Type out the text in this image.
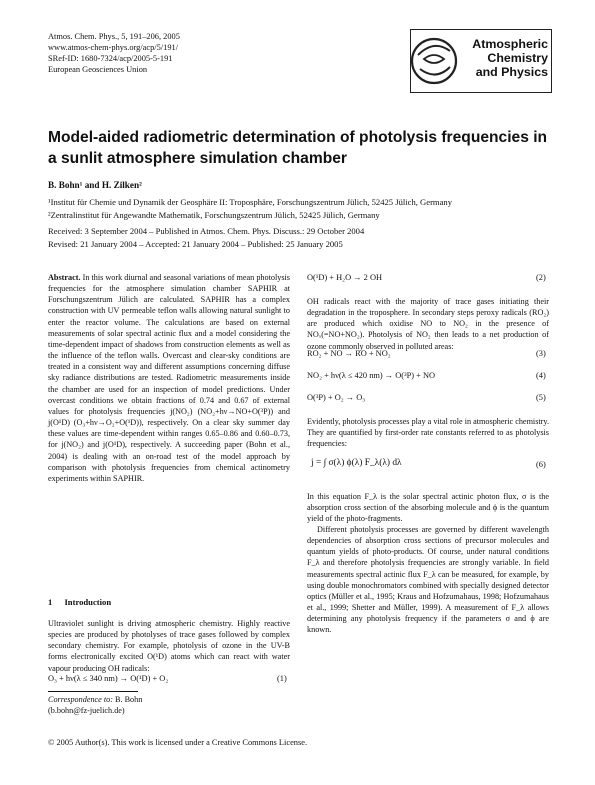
Atmos. Chem. Phys., 5, 191–206, 2005
www.atmos-chem-phys.org/acp/5/191/
SRef-ID: 1680-7324/acp/2005-5-191
European Geosciences Union
Atmospheric
Chemistry
and Physics
Model-aided radiometric determination of photolysis frequencies in a sunlit atmosphere simulation chamber
B. Bohn¹ and H. Zilken²
¹Institut für Chemie und Dynamik der Geosphäre II: Troposphäre, Forschungszentrum Jülich, 52425 Jülich, Germany
²Zentralinstitut für Angewandte Mathematik, Forschungszentrum Jülich, 52425 Jülich, Germany
Received: 3 September 2004 – Published in Atmos. Chem. Phys. Discuss.: 29 October 2004
Revised: 21 January 2004 – Accepted: 21 January 2004 – Published: 25 January 2005
Abstract. In this work diurnal and seasonal variations of mean photolysis frequencies for the atmosphere simulation chamber SAPHIR at Forschungszentrum Jülich are calculated. SAPHIR has a complex construction with UV permeable teflon walls allowing natural sunlight to enter the reactor volume. The calculations are based on external measurements of solar spectral actinic flux and a model considering the time-dependent impact of shadows from construction elements as well as the influence of the teflon walls. Overcast and clear-sky conditions are treated in a consistent way and different assumptions concerning diffuse sky radiance distributions are tested. Radiometric measurements inside the chamber are used for an inspection of model predictions. Under overcast conditions we obtain fractions of 0.74 and 0.67 of external values for photolysis frequencies j(NO₂) (NO₂+hν→NO+O(³P)) and j(O¹D) (O₃+hν→O₂+O(¹D)), respectively. On a clear sky summer day these values are time-dependent within ranges 0.65–0.86 and 0.60–0.73, for j(NO₂) and j(O¹D), respectively. A succeeding paper (Bohn et al., 2004) is dealing with an on-road test of the model approach by comparison with photolysis frequencies from chemical actinometry experiments within SAPHIR.
1 Introduction
Ultraviolet sunlight is driving atmospheric chemistry. Highly reactive species are produced by photolyses of trace gases followed by complex secondary chemistry. For example, photolysis of ozone in the UV-B forms electronically excited O(¹D) atoms which can react with water vapour producing OH radicals:
O₃ + hν(λ ≤ 340 nm) → O(¹D) + O₂	(1)
Correspondence to: B. Bohn
(b.bohn@fz-juelich.de)
O(¹D) + H₂O → 2 OH	(2)
OH radicals react with the majority of trace gases initiating their degradation in the troposphere. In secondary steps peroxy radicals (RO₂) are produced which oxidise NO to NO₂ in the presence of NOₓ(=NO+NO₂). Photolysis of NO₂ then leads to a net production of ozone commonly observed in polluted areas:
RO₂ + NO → RO + NO₂	(3)
NO₂ + hν(λ ≤ 420 nm) → O(³P) + NO	(4)
O(³P) + O₂ → O₃	(5)
Evidently, photolysis processes play a vital role in atmospheric chemistry. They are quantified by first-order rate constants referred to as photolysis frequencies:
j = ∫ σ(λ) ϕ(λ) F_λ(λ) dλ	(6)
In this equation F_λ is the solar spectral actinic photon flux, σ is the absorption cross section of the absorbing molecule and ϕ is the quantum yield of the photo-fragments.
Different photolysis processes are governed by different wavelength dependencies of absorption cross sections of precursor molecules and quantum yields of photo-products. Of course, under natural conditions F_λ and therefore photolysis frequencies are strongly variable. In field measurements spectral actinic flux F_λ can be measured, for example, by using double monochromators combined with specially designed detector optics (Müller et al., 1995; Kraus and Hofzumahaus, 1998; Hofzumahaus et al., 1999; Shetter and Müller, 1999). A measurement of F_λ allows determining any photolysis frequency if the parameters σ and ϕ are known.
© 2005 Author(s). This work is licensed under a Creative Commons License.
